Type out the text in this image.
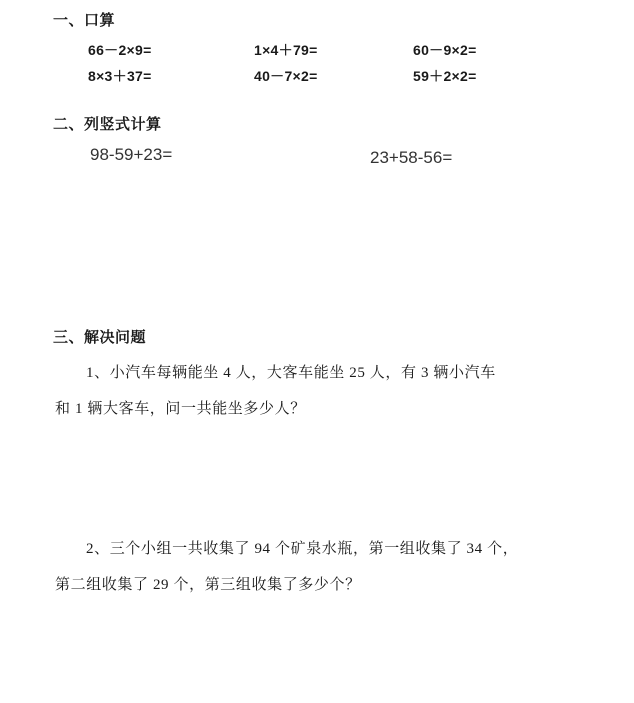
一、口算
66－2×9=	1×4＋79=	60－9×2=
8×3＋37=	40－7×2=	59＋2×2=
二、列竖式计算
98-59+23=	23+58-56=
三、解决问题
1、小汽车每辆能坐 4 人，大客车能坐 25 人，有 3 辆小汽车
和 1 辆大客车，问一共能坐多少人？
2、三个小组一共收集了 94 个矿泉水瓶，第一组收集了 34 个，
第二组收集了 29 个，第三组收集了多少个？
